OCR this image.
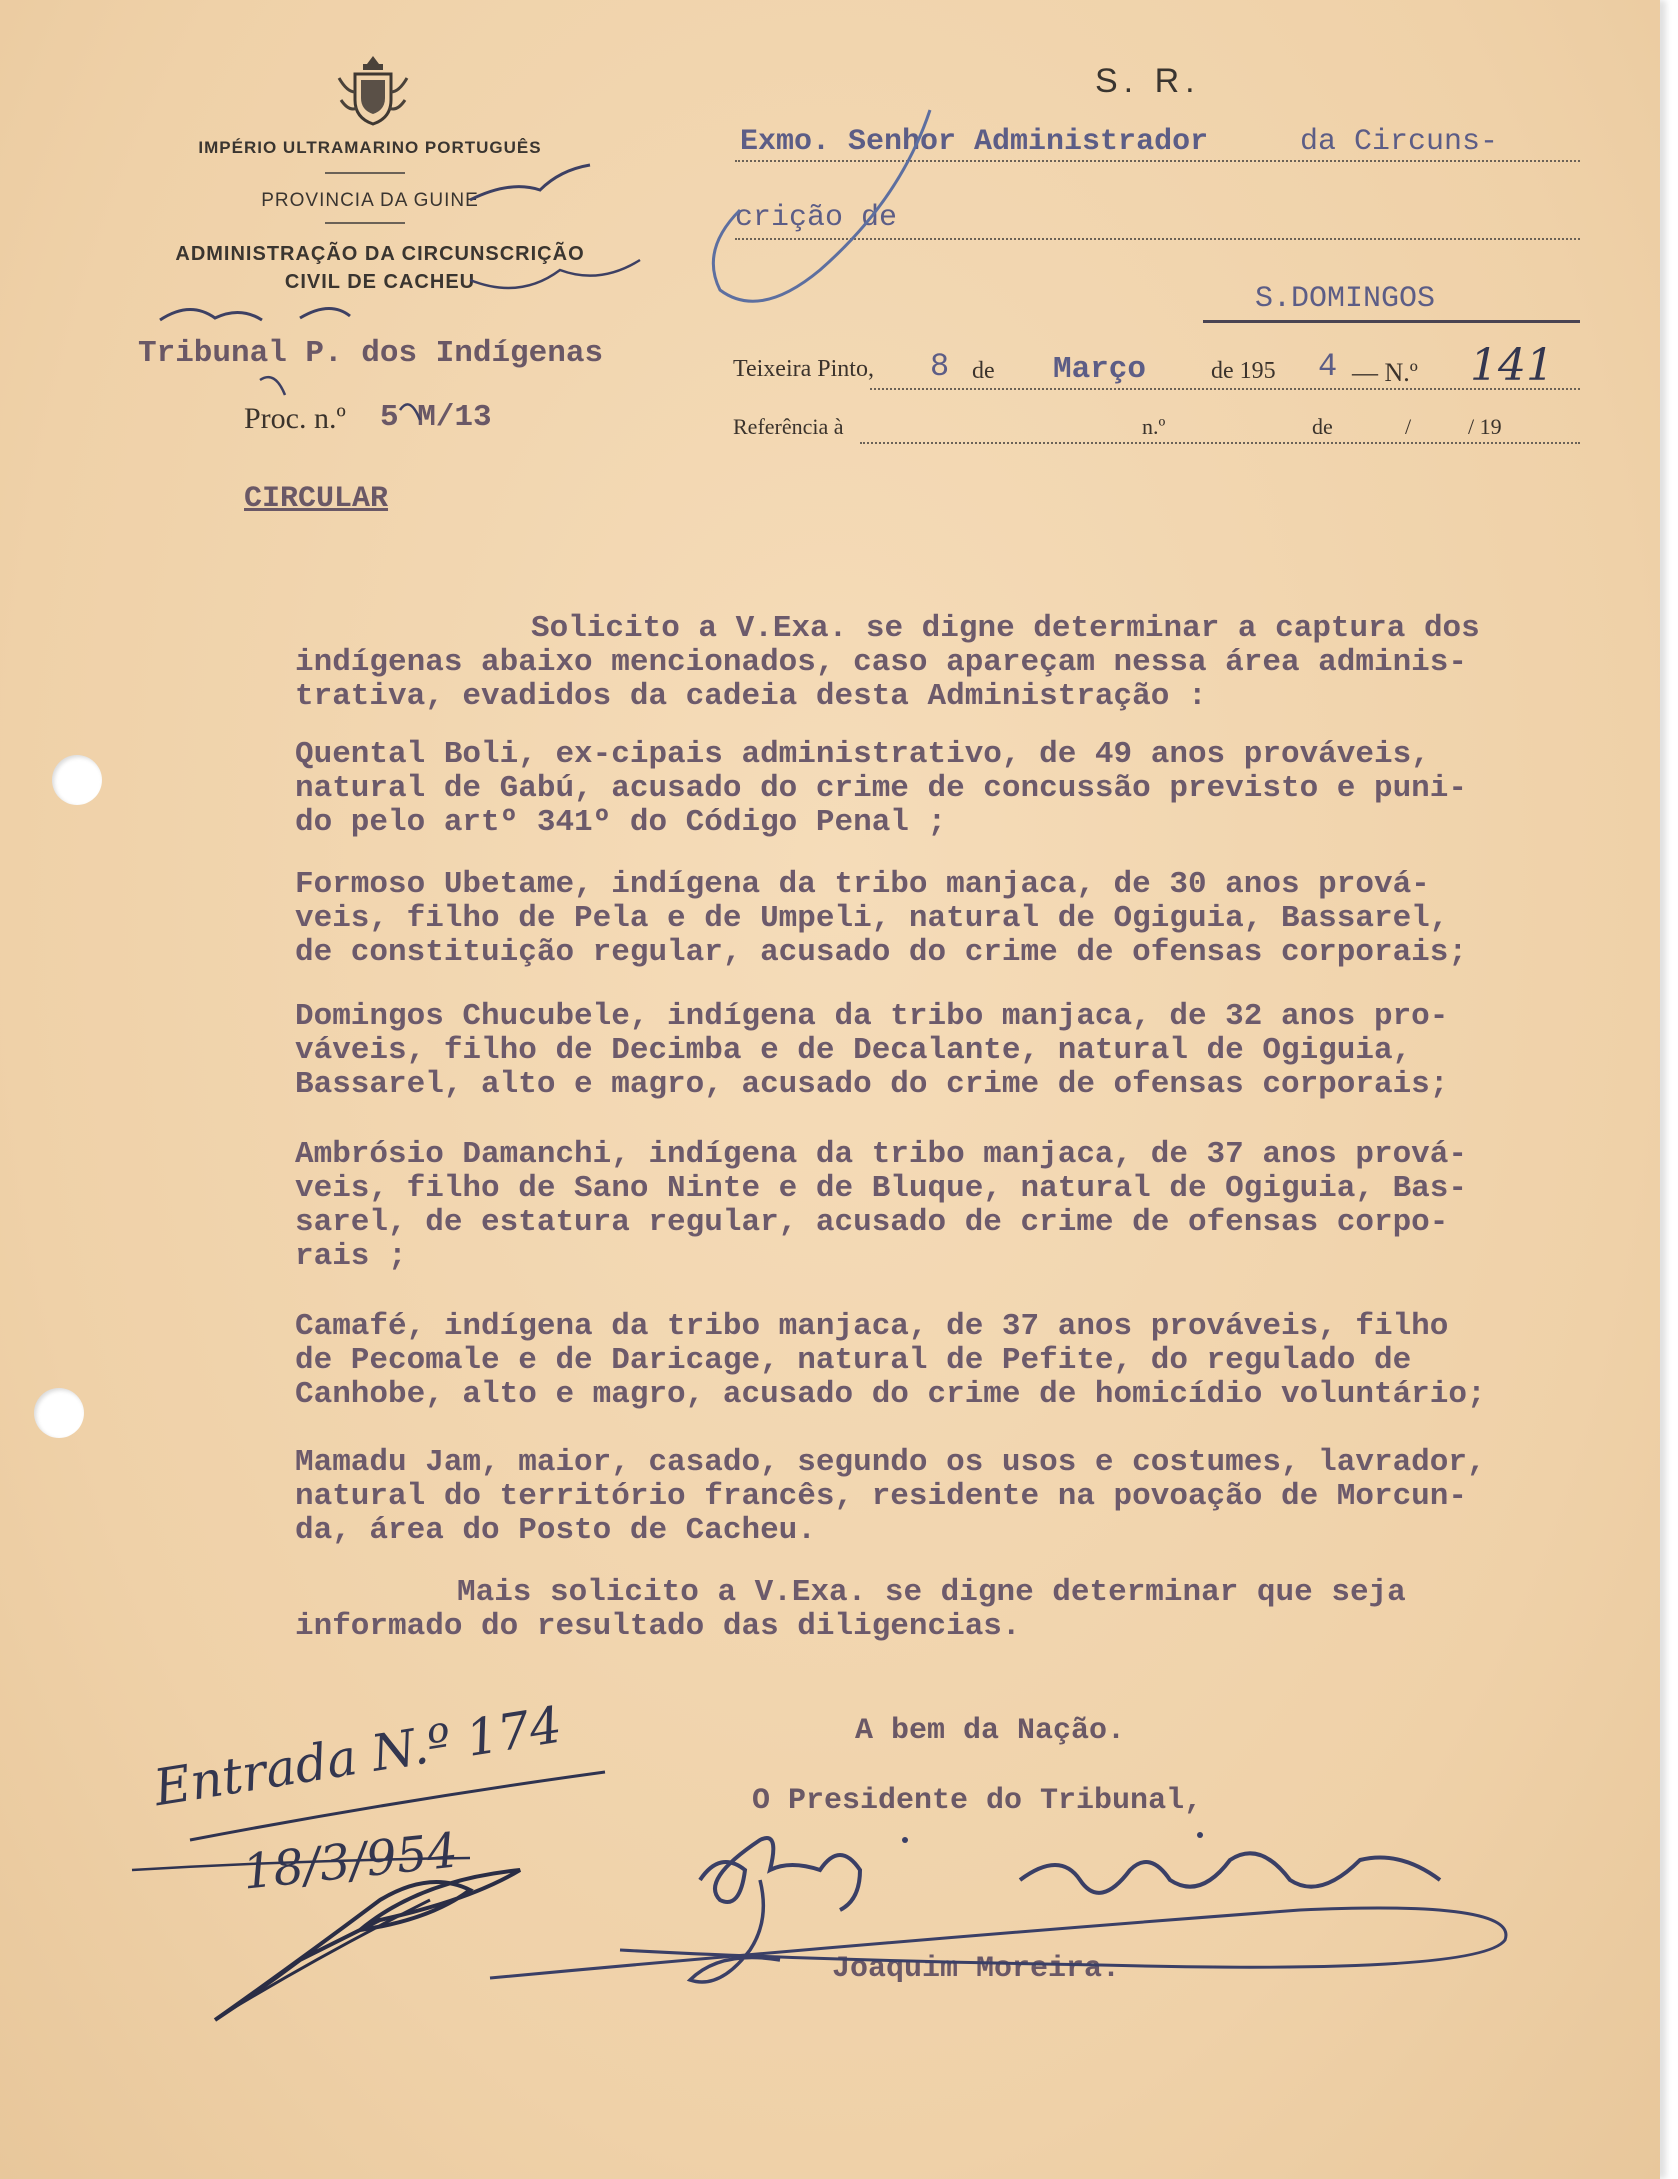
IMPÉRIO ULTRAMARINO PORTUGUÊS
PROVINCIA DA GUINE
ADMINISTRAÇÃO DA CIRCUNSCRIÇÃO
CIVIL DE CACHEU
Tribunal P. dos Indígenas
Proc. n.º 5 M/13
CIRCULAR
S. R.
Exmo. Senhor Administrador	da Circuns-
crição de
S.DOMINGOS
Teixeira Pinto, 8 de Março	de 195 4 — N.º 141
Referência à	n.º	de	/	/ 19
Solicito a V.Exa. se digne determinar a captura dos
indígenas abaixo mencionados, caso apareçam nessa área adminis-
trativa, evadidos da cadeia desta Administração :
Quental Boli, ex-cipais administrativo, de 49 anos prováveis,
natural de Gabú, acusado do crime de concussão previsto e puni-
do pelo artº 341º do Código Penal ;
Formoso Ubetame, indígena da tribo manjaca, de 30 anos prová-
veis, filho de Pela e de Umpeli, natural de Ogiguia, Bassarel,
de constituição regular, acusado do crime de ofensas corporais;
Domingos Chucubele, indígena da tribo manjaca, de 32 anos pro-
váveis, filho de Decimba e de Decalante, natural de Ogiguia,
Bassarel, alto e magro, acusado do crime de ofensas corporais;
Ambrósio Damanchi, indígena da tribo manjaca, de 37 anos prová-
veis, filho de Sano Ninte e de Bluque, natural de Ogiguia, Bas-
sarel, de estatura regular, acusado de crime de ofensas corpo-
rais ;
Camafé, indígena da tribo manjaca, de 37 anos prováveis, filho
de Pecomale e de Daricage, natural de Pefite, do regulado de
Canhobe, alto e magro, acusado do crime de homicídio voluntário;
Mamadu Jam, maior, casado, segundo os usos e costumes, lavrador,
natural do território francês, residente na povoação de Morcun-
da, área do Posto de Cacheu.
Mais solicito a V.Exa. se digne determinar que seja
informado do resultado das diligencias.
A bem da Nação.
O Presidente do Tribunal,
Joaquim Moreira.
Entrada N.º 174
18/3/954
